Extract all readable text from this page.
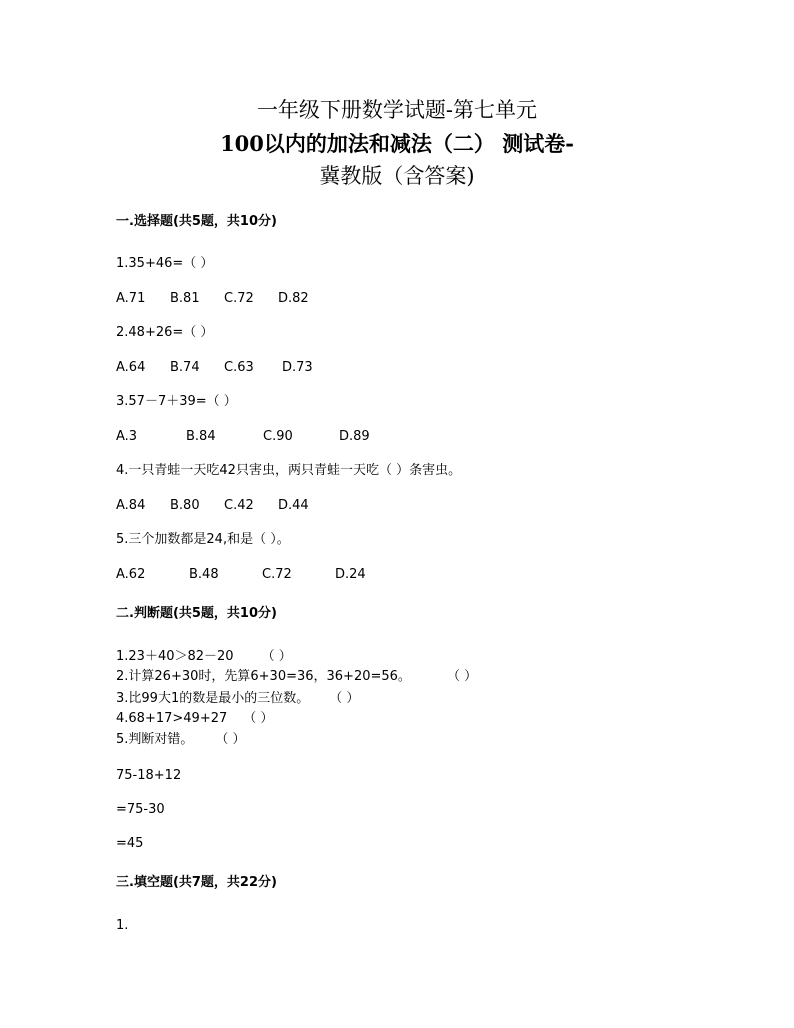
一年级下册数学试题-第七单元
100以内的加法和减法（二） 测试卷-
冀教版（含答案)
一.选择题(共5题，共10分)
1.35+46=（ ）
A.71 B.81 C.72 D.82
2.48+26=（ ）
A.64 B.74 C.63 D.73
3.57－7＋39=（ ）
A.3	B.84	C.90	D.89
4.一只青蛙一天吃42只害虫，两只青蛙一天吃（ ）条害虫。
A.84 B.80 C.42 D.44
5.三个加数都是24,和是（ ）。
A.62	B.48	C.72	D.24
二.判断题(共5题，共10分)
1.23＋40＞82－20 （ ）
2.计算26+30时，先算6+30=36，36+20=56。	（ ）
3.比99大1的数是最小的三位数。 （ ）
4.68+17>49+27 （ ）
5.判断对错。 （ ）
75-18+12
=75-30
=45
三.填空题(共7题，共22分)
1.
